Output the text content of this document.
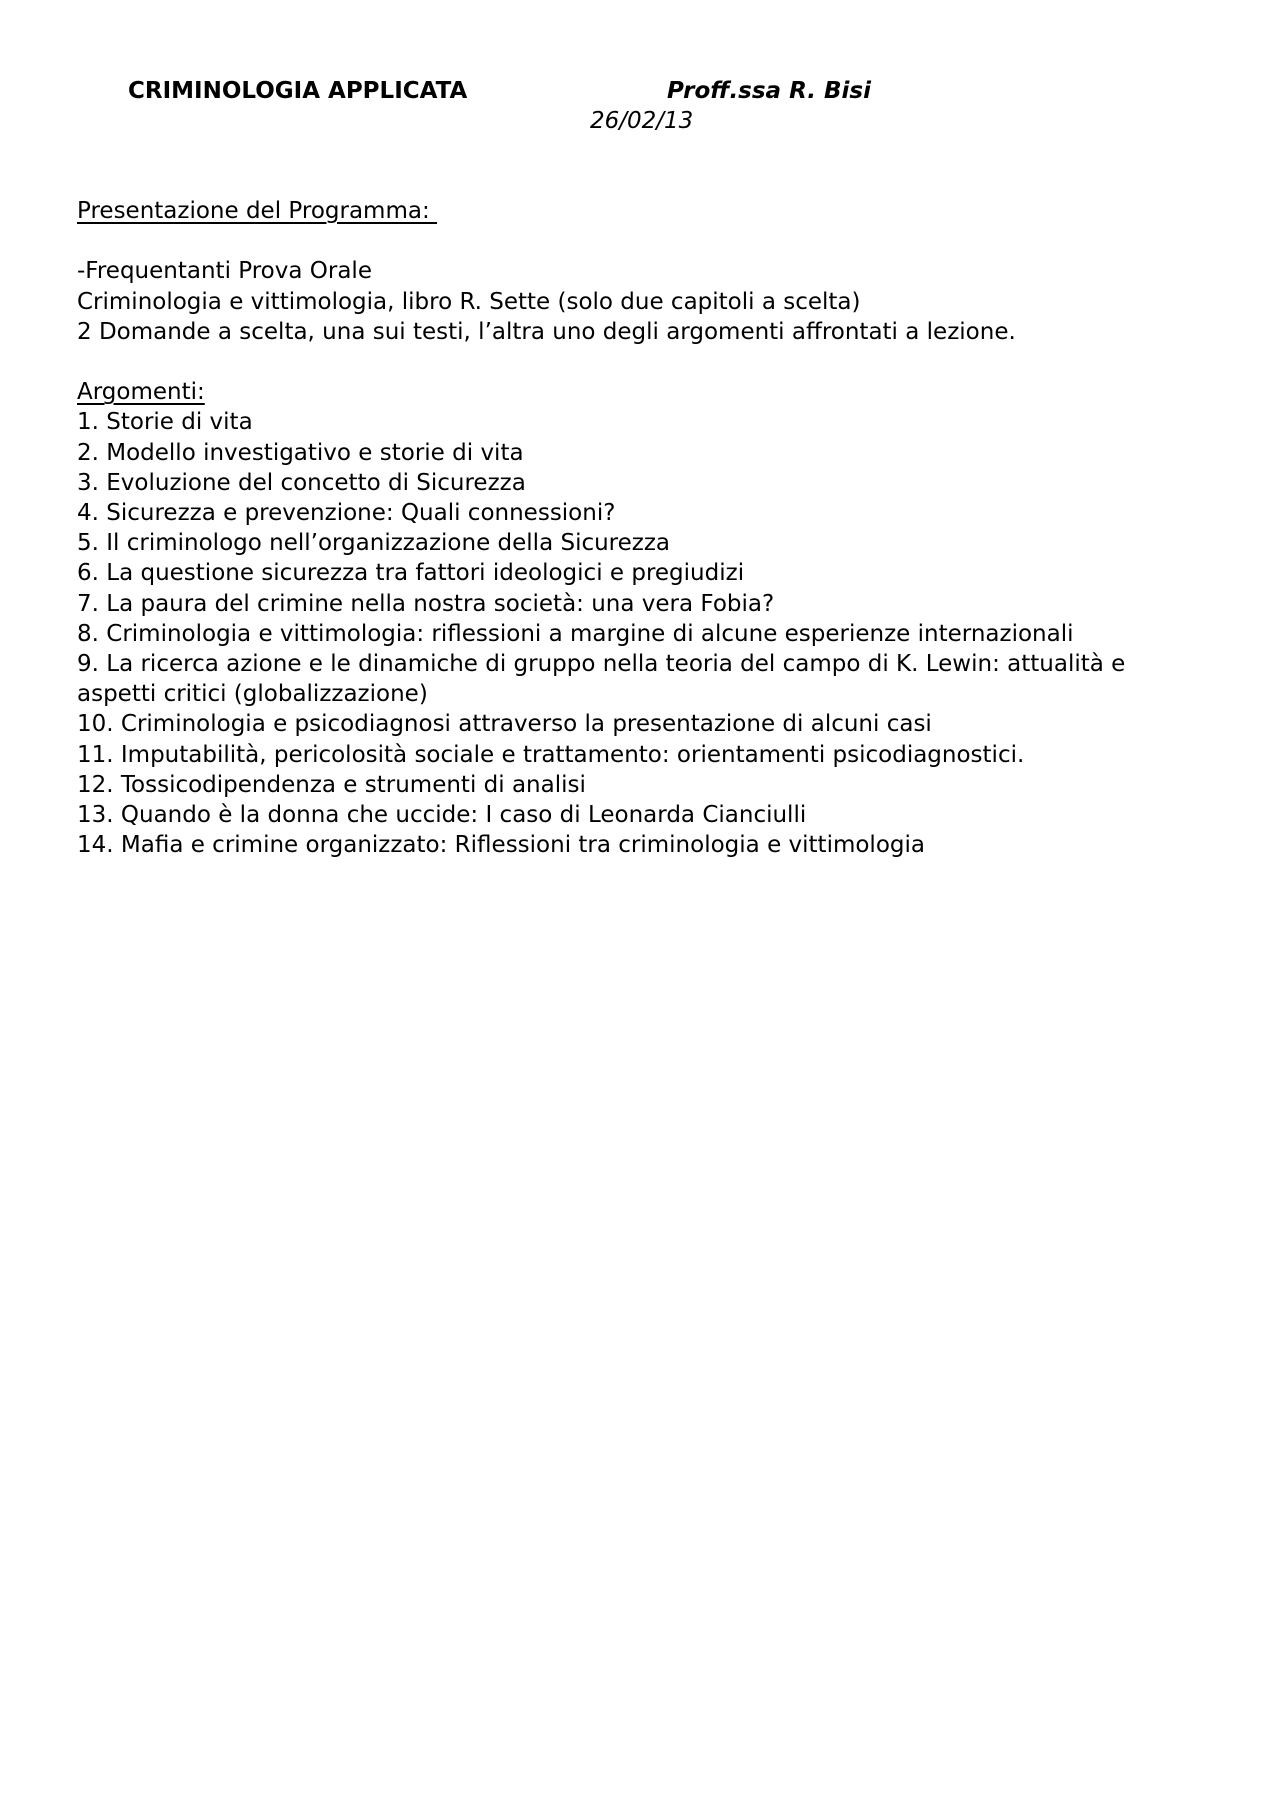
CRIMINOLOGIA APPLICATA	Proff.ssa R. Bisi
26/02/13
Presentazione del Programma:
-Frequentanti Prova Orale
Criminologia e vittimologia, libro R. Sette (solo due capitoli a scelta)
2 Domande a scelta, una sui testi, l’altra uno degli argomenti affrontati a lezione.
Argomenti:
1. Storie di vita
2. Modello investigativo e storie di vita
3. Evoluzione del concetto di Sicurezza
4. Sicurezza e prevenzione: Quali connessioni?
5. Il criminologo nell’organizzazione della Sicurezza
6. La questione sicurezza tra fattori ideologici e pregiudizi
7. La paura del crimine nella nostra società: una vera Fobia?
8. Criminologia e vittimologia: riflessioni a margine di alcune esperienze internazionali
9. La ricerca azione e le dinamiche di gruppo nella teoria del campo di K. Lewin: attualità e aspetti critici (globalizzazione)
10. Criminologia e psicodiagnosi attraverso la presentazione di alcuni casi
11. Imputabilità, pericolosità sociale e trattamento: orientamenti psicodiagnostici.
12. Tossicodipendenza e strumenti di analisi
13. Quando è la donna che uccide: I caso di Leonarda Cianciulli
14. Mafia e crimine organizzato: Riflessioni tra criminologia e vittimologia
